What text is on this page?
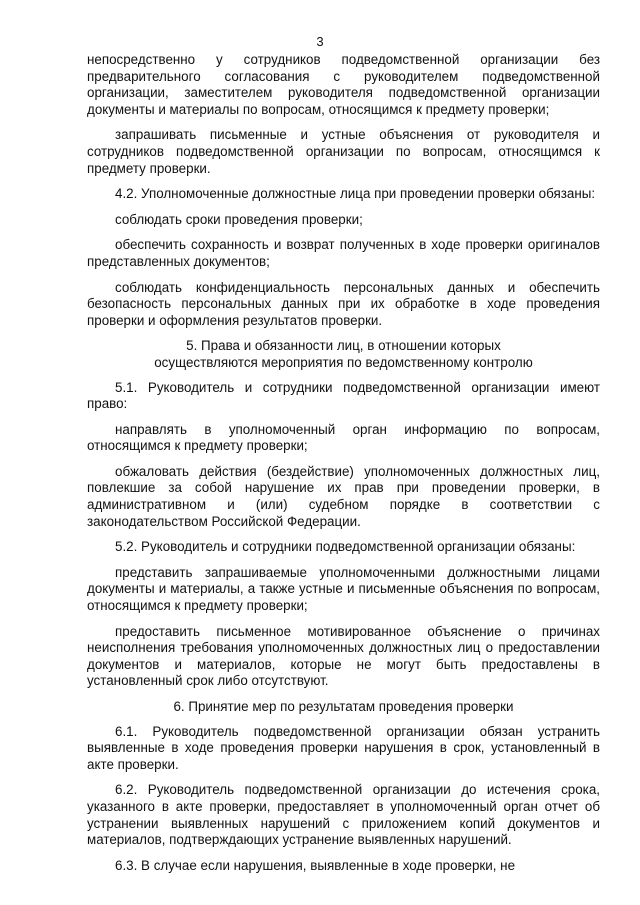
3

непосредственно у сотрудников подведомственной организации без предварительного согласования с руководителем подведомственной организации, заместителем руководителя подведомственной организации документы и материалы по вопросам, относящимся к предмету проверки;

запрашивать письменные и устные объяснения от руководителя и сотрудников подведомственной организации по вопросам, относящимся к предмету проверки.

4.2. Уполномоченные должностные лица при проведении проверки обязаны:

соблюдать сроки проведения проверки;

обеспечить сохранность и возврат полученных в ходе проверки оригиналов представленных документов;

соблюдать конфиденциальность персональных данных и обеспечить безопасность персональных данных при их обработке в ходе проведения проверки и оформления результатов проверки.

5. Права и обязанности лиц, в отношении которых
осуществляются мероприятия по ведомственному контролю

5.1. Руководитель и сотрудники подведомственной организации имеют право:

направлять в уполномоченный орган информацию по вопросам, относящимся к предмету проверки;

обжаловать действия (бездействие) уполномоченных должностных лиц, повлекшие за собой нарушение их прав при проведении проверки, в административном и (или) судебном порядке в соответствии с законодательством Российской Федерации.

5.2. Руководитель и сотрудники подведомственной организации обязаны:

представить запрашиваемые уполномоченными должностными лицами документы и материалы, а также устные и письменные объяснения по вопросам, относящимся к предмету проверки;

предоставить письменное мотивированное объяснение о причинах неисполнения требования уполномоченных должностных лиц о предоставлении документов и материалов, которые не могут быть предоставлены в установленный срок либо отсутствуют.

6. Принятие мер по результатам проведения проверки

6.1. Руководитель подведомственной организации обязан устранить выявленные в ходе проведения проверки нарушения в срок, установленный в акте проверки.

6.2. Руководитель подведомственной организации до истечения срока, указанного в акте проверки, предоставляет в уполномоченный орган отчет об устранении выявленных нарушений с приложением копий документов и материалов, подтверждающих устранение выявленных нарушений.

6.3. В случае если нарушения, выявленные в ходе проверки, не
